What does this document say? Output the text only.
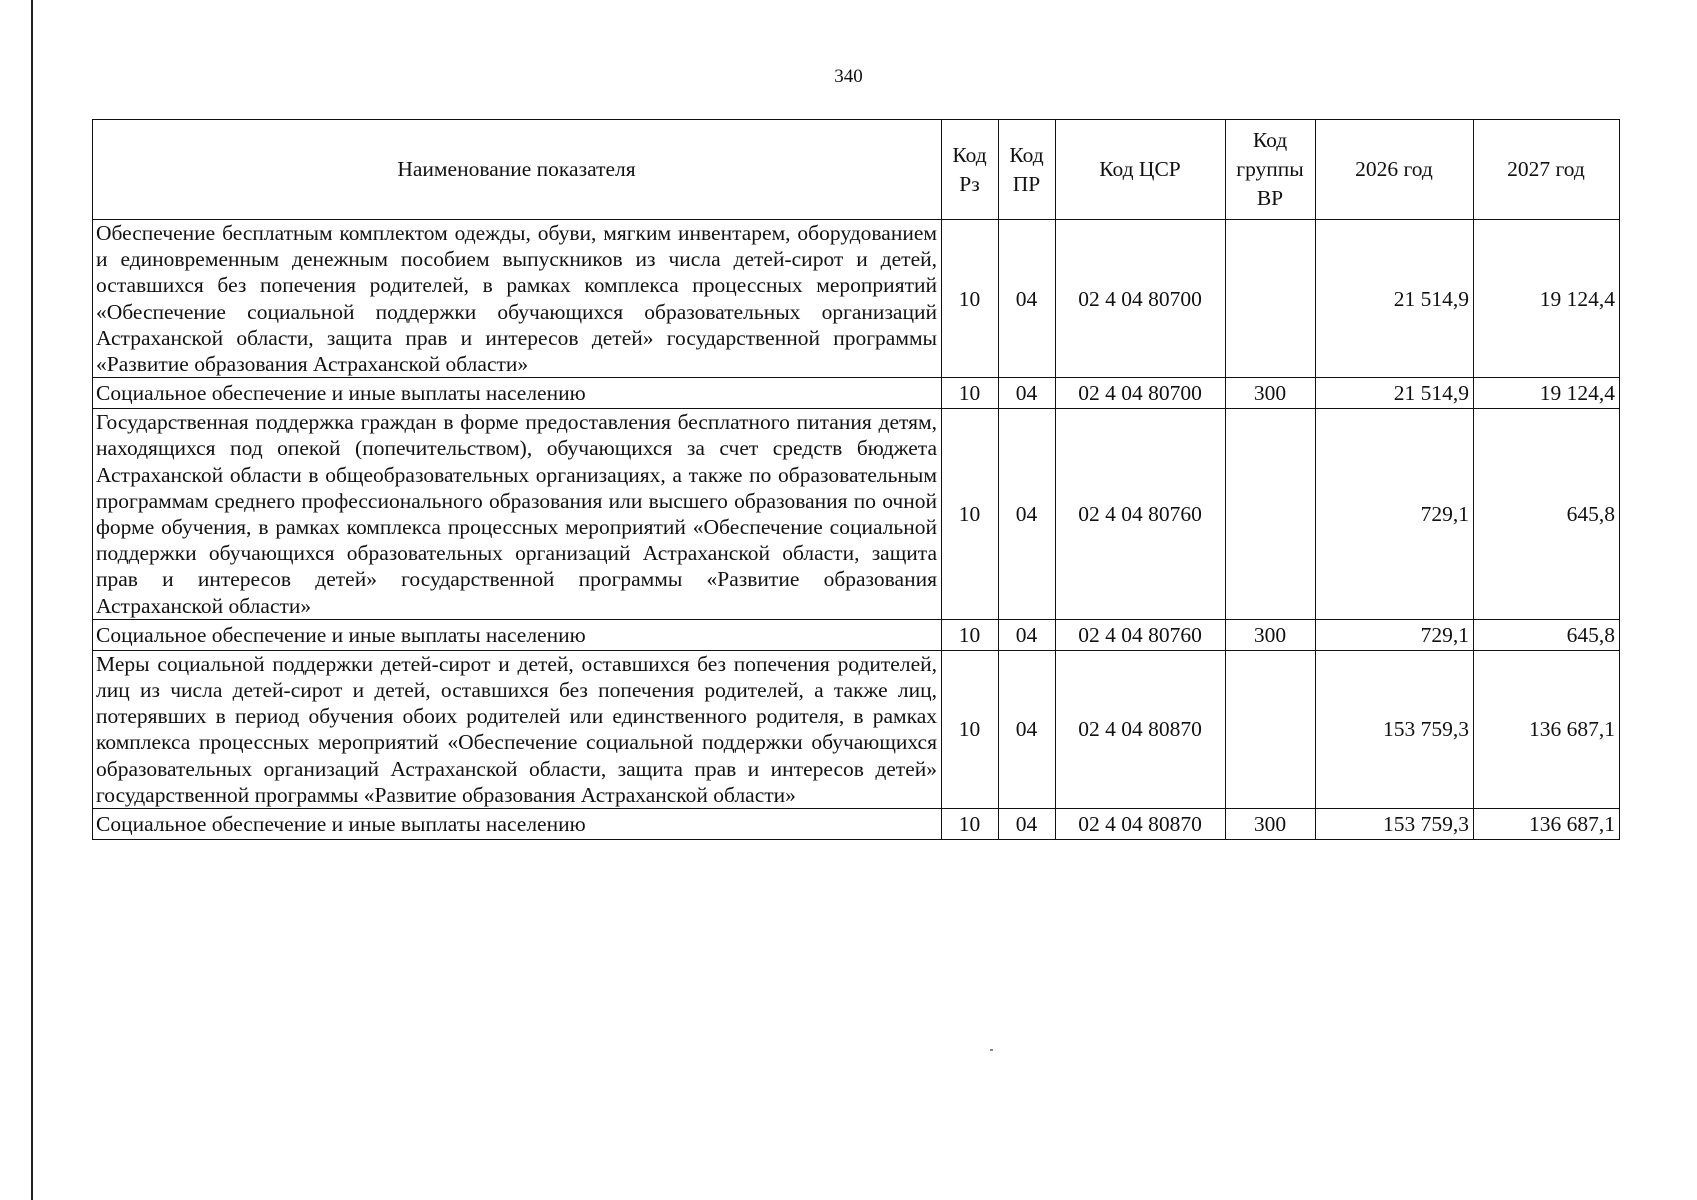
340
Наименование показателя	Код Рз	Код ПР	Код ЦСР	Код группы ВР	2026 год	2027 год
Обеспечение бесплатным комплектом одежды, обуви, мягким инвентарем, оборудованием и единовременным денежным пособием выпускников из числа детей-сирот и детей, оставшихся без попечения родителей, в рамках комплекса процессных мероприятий «Обеспечение социальной поддержки обучающихся образовательных организаций Астраханской области, защита прав и интересов детей» государственной программы «Развитие образования Астраханской области»	10	04	02 4 04 80700		21 514,9	19 124,4
Социальное обеспечение и иные выплаты населению	10	04	02 4 04 80700	300	21 514,9	19 124,4
Государственная поддержка граждан в форме предоставления бесплатного питания детям, находящихся под опекой (попечительством), обучающихся за счет средств бюджета Астраханской области в общеобразовательных организациях, а также по образовательным программам среднего профессионального образования или высшего образования по очной форме обучения, в рамках комплекса процессных мероприятий «Обеспечение социальной поддержки обучающихся образовательных организаций Астраханской области, защита прав и интересов детей» государственной программы «Развитие образования Астраханской области»	10	04	02 4 04 80760		729,1	645,8
Социальное обеспечение и иные выплаты населению	10	04	02 4 04 80760	300	729,1	645,8
Меры социальной поддержки детей-сирот и детей, оставшихся без попечения родителей, лиц из числа детей-сирот и детей, оставшихся без попечения родителей, а также лиц, потерявших в период обучения обоих родителей или единственного родителя, в рамках комплекса процессных мероприятий «Обеспечение социальной поддержки обучающихся образовательных организаций Астраханской области, защита прав и интересов детей» государственной программы «Развитие образования Астраханской области»	10	04	02 4 04 80870		153 759,3	136 687,1
Социальное обеспечение и иные выплаты населению	10	04	02 4 04 80870	300	153 759,3	136 687,1
